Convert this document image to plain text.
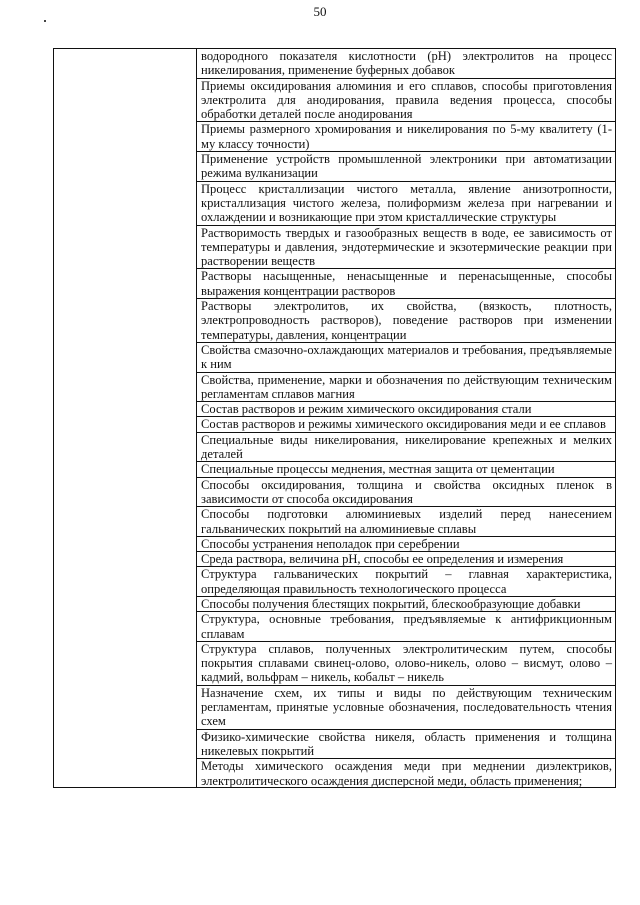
50

водородного показателя кислотности (pH) электролитов на процесс никелирования, применение буферных добавок

Приемы оксидирования алюминия и его сплавов, способы приготовления электролита для анодирования, правила ведения процесса, способы обработки деталей после анодирования

Приемы размерного хромирования и никелирования по 5-му квалитету (1-му классу точности)

Применение устройств промышленной электроники при автоматизации режима вулканизации

Процесс кристаллизации чистого металла, явление анизотропности, кристаллизация чистого железа, полиформизм железа при нагревании и охлаждении и возникающие при этом кристаллические структуры

Растворимость твердых и газообразных веществ в воде, ее зависимость от температуры и давления, эндотермические и экзотермические реакции при растворении веществ

Растворы насыщенные, ненасыщенные и перенасыщенные, способы выражения концентрации растворов

Растворы электролитов, их свойства, (вязкость, плотность, электропроводность растворов), поведение растворов при изменении температуры, давления, концентрации

Свойства смазочно-охлаждающих материалов и требования, предъявляемые к ним

Свойства, применение, марки и обозначения по действующим техническим регламентам сплавов магния

Состав растворов и режим химического оксидирования стали

Состав растворов и режимы химического оксидирования меди и ее сплавов

Специальные виды никелирования, никелирование крепежных и мелких деталей

Специальные процессы меднения, местная защита от цементации

Способы оксидирования, толщина и свойства оксидных пленок в зависимости от способа оксидирования

Способы подготовки алюминиевых изделий перед нанесением гальванических покрытий на алюминиевые сплавы

Способы устранения неполадок при серебрении

Среда раствора, величина pH, способы ее определения и измерения

Структура гальванических покрытий – главная характеристика, определяющая правильность технологического процесса

Способы получения блестящих покрытий, блескообразующие добавки

Структура, основные требования, предъявляемые к антифрикционным сплавам

Структура сплавов, полученных электролитическим путем, способы покрытия сплавами свинец-олово, олово-никель, олово – висмут, олово – кадмий, вольфрам – никель, кобальт – никель

Назначение схем, их типы и виды по действующим техническим регламентам, принятые условные обозначения, последовательность чтения схем

Физико-химические свойства никеля, область применения и толщина никелевых покрытий

Методы химического осаждения меди при меднении диэлектриков, электролитического осаждения дисперсной меди, область применения;
